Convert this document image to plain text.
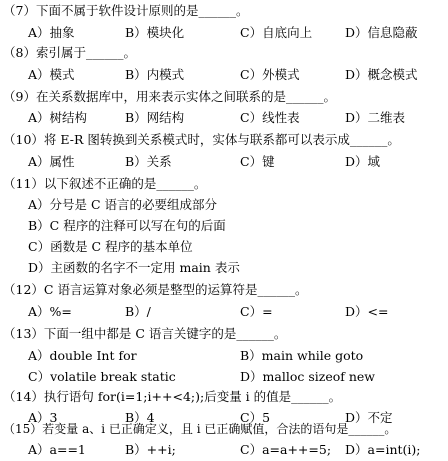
（7）下面不属于软件设计原则的是______。
A）抽象	B）模块化	C）自底向上	D）信息隐蔽
（8）索引属于______。
A）模式	B）内模式	C）外模式	D）概念模式
（9）在关系数据库中，用来表示实体之间联系的是______。
A）树结构	B）网结构	C）线性表	D）二维表
（10）将 E-R 图转换到关系模式时，实体与联系都可以表示成______。
A）属性	B）关系	C）键	D）域
（11）以下叙述不正确的是______。
A）分号是 C 语言的必要组成部分
B）C 程序的注释可以写在句的后面
C）函数是 C 程序的基本单位
D）主函数的名字不一定用 main 表示
（12）C 语言运算对象必须是整型的运算符是______。
A）%=	B）/	C）=	D）<=
（13）下面一组中都是 C 语言关键字的是______。
A）double Int for	B）main while goto
C）volatile break static	D）malloc sizeof new
（14）执行语句 for(i=1;i++<4;);后变量 i 的值是______。
A）3	B）4	C）5	D）不定
（15）若变量 a、i 已正确定义，且 i 已正确赋值，合法的语句是______。
A）a==1	B）++i;	C）a=a++=5; D）a=int(i);
